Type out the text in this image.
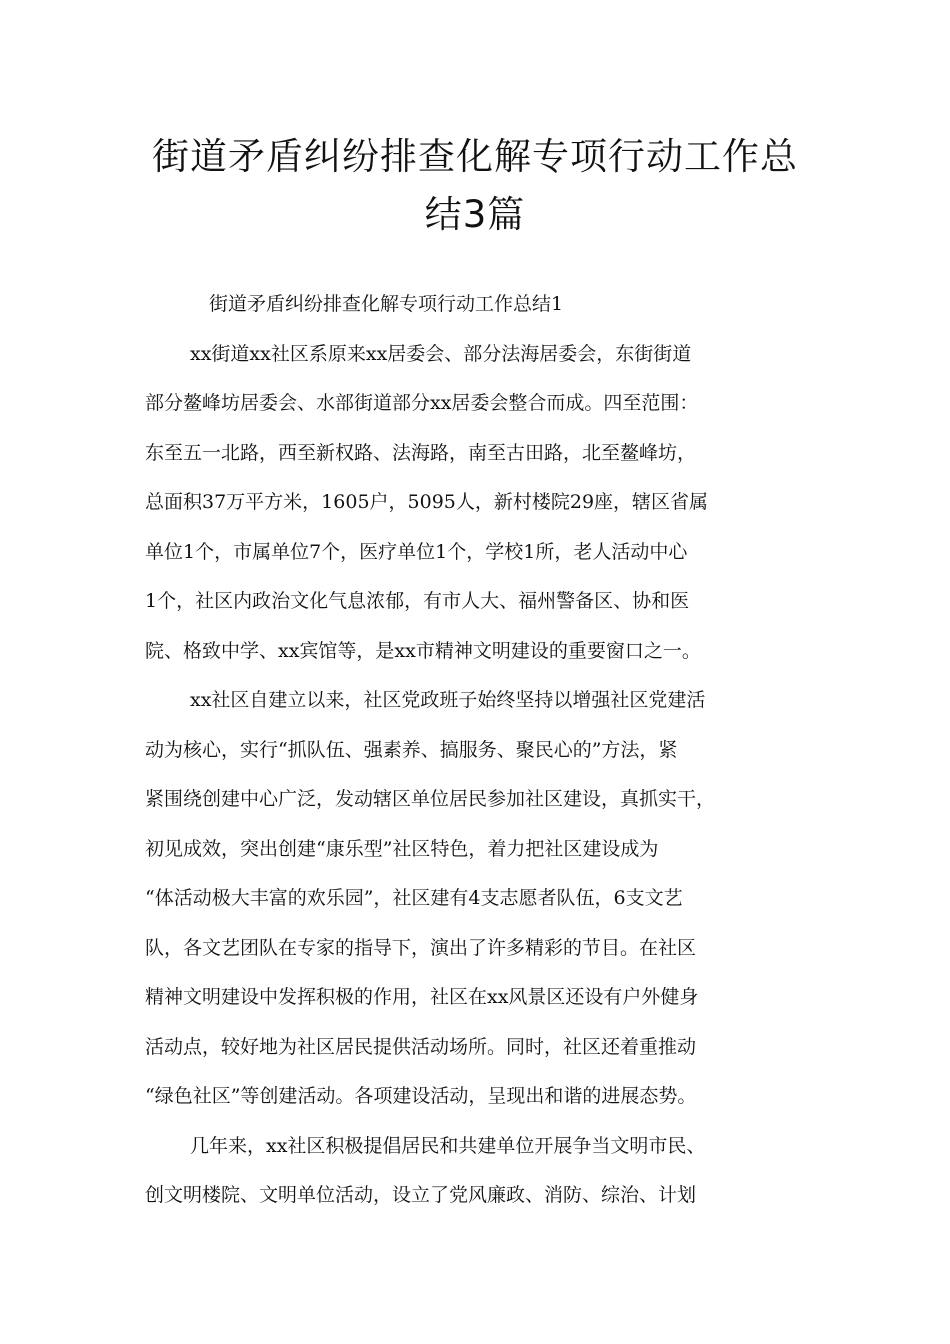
街道矛盾纠纷排查化解专项行动工作总
结3篇

街道矛盾纠纷排查化解专项行动工作总结1

xx街道xx社区系原来xx居委会、部分法海居委会，东街街道
部分鳌峰坊居委会、水部街道部分xx居委会整合而成。四至范围：
东至五一北路，西至新权路、法海路，南至古田路，北至鳌峰坊，
总面积37万平方米，1605户，5095人，新村楼院29座，辖区省属
单位1个，市属单位7个，医疗单位1个，学校1所，老人活动中心
1个，社区内政治文化气息浓郁，有市人大、福州警备区、协和医
院、格致中学、xx宾馆等，是xx市精神文明建设的重要窗口之一。
xx社区自建立以来，社区党政班子始终坚持以增强社区党建活
动为核心，实行“抓队伍、强素养、搞服务、聚民心的”方法，紧
紧围绕创建中心广泛，发动辖区单位居民参加社区建设，真抓实干，
初见成效，突出创建“康乐型”社区特色，着力把社区建设成为
“体活动极大丰富的欢乐园”，社区建有4支志愿者队伍，6支文艺
队，各文艺团队在专家的指导下，演出了许多精彩的节目。在社区
精神文明建设中发挥积极的作用，社区在xx风景区还设有户外健身
活动点，较好地为社区居民提供活动场所。同时，社区还着重推动
“绿色社区”等创建活动。各项建设活动，呈现出和谐的进展态势。
几年来，xx社区积极提倡居民和共建单位开展争当文明市民、
创文明楼院、文明单位活动，设立了党风廉政、消防、综治、计划
